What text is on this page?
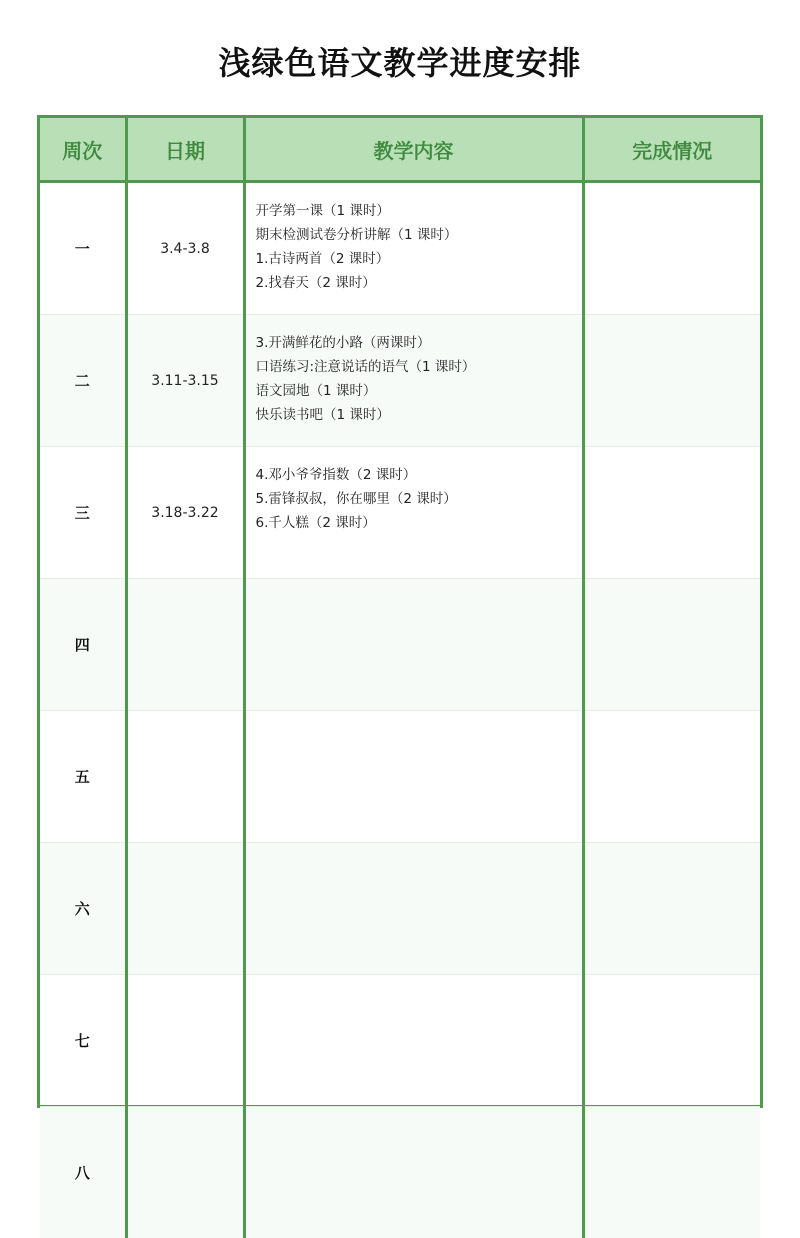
浅绿色语文教学进度安排
周次	日期	教学内容	完成情况
一	3.4-3.8	开学第一课（1 课时）
期末检测试卷分析讲解（1 课时）
1.古诗两首（2 课时）
2.找春天（2 课时）	

二	3.11-3.15	3.开满鲜花的小路（两课时）
口语练习:注意说话的语气（1 课时）
语文园地（1 课时）
快乐读书吧（1 课时）	

三	3.18-3.22	4.邓小爷爷指数（2 课时）
5.雷锋叔叔，你在哪里（2 课时）
6.千人糕（2 课时）	

四			
五			
六			
七			
八			
